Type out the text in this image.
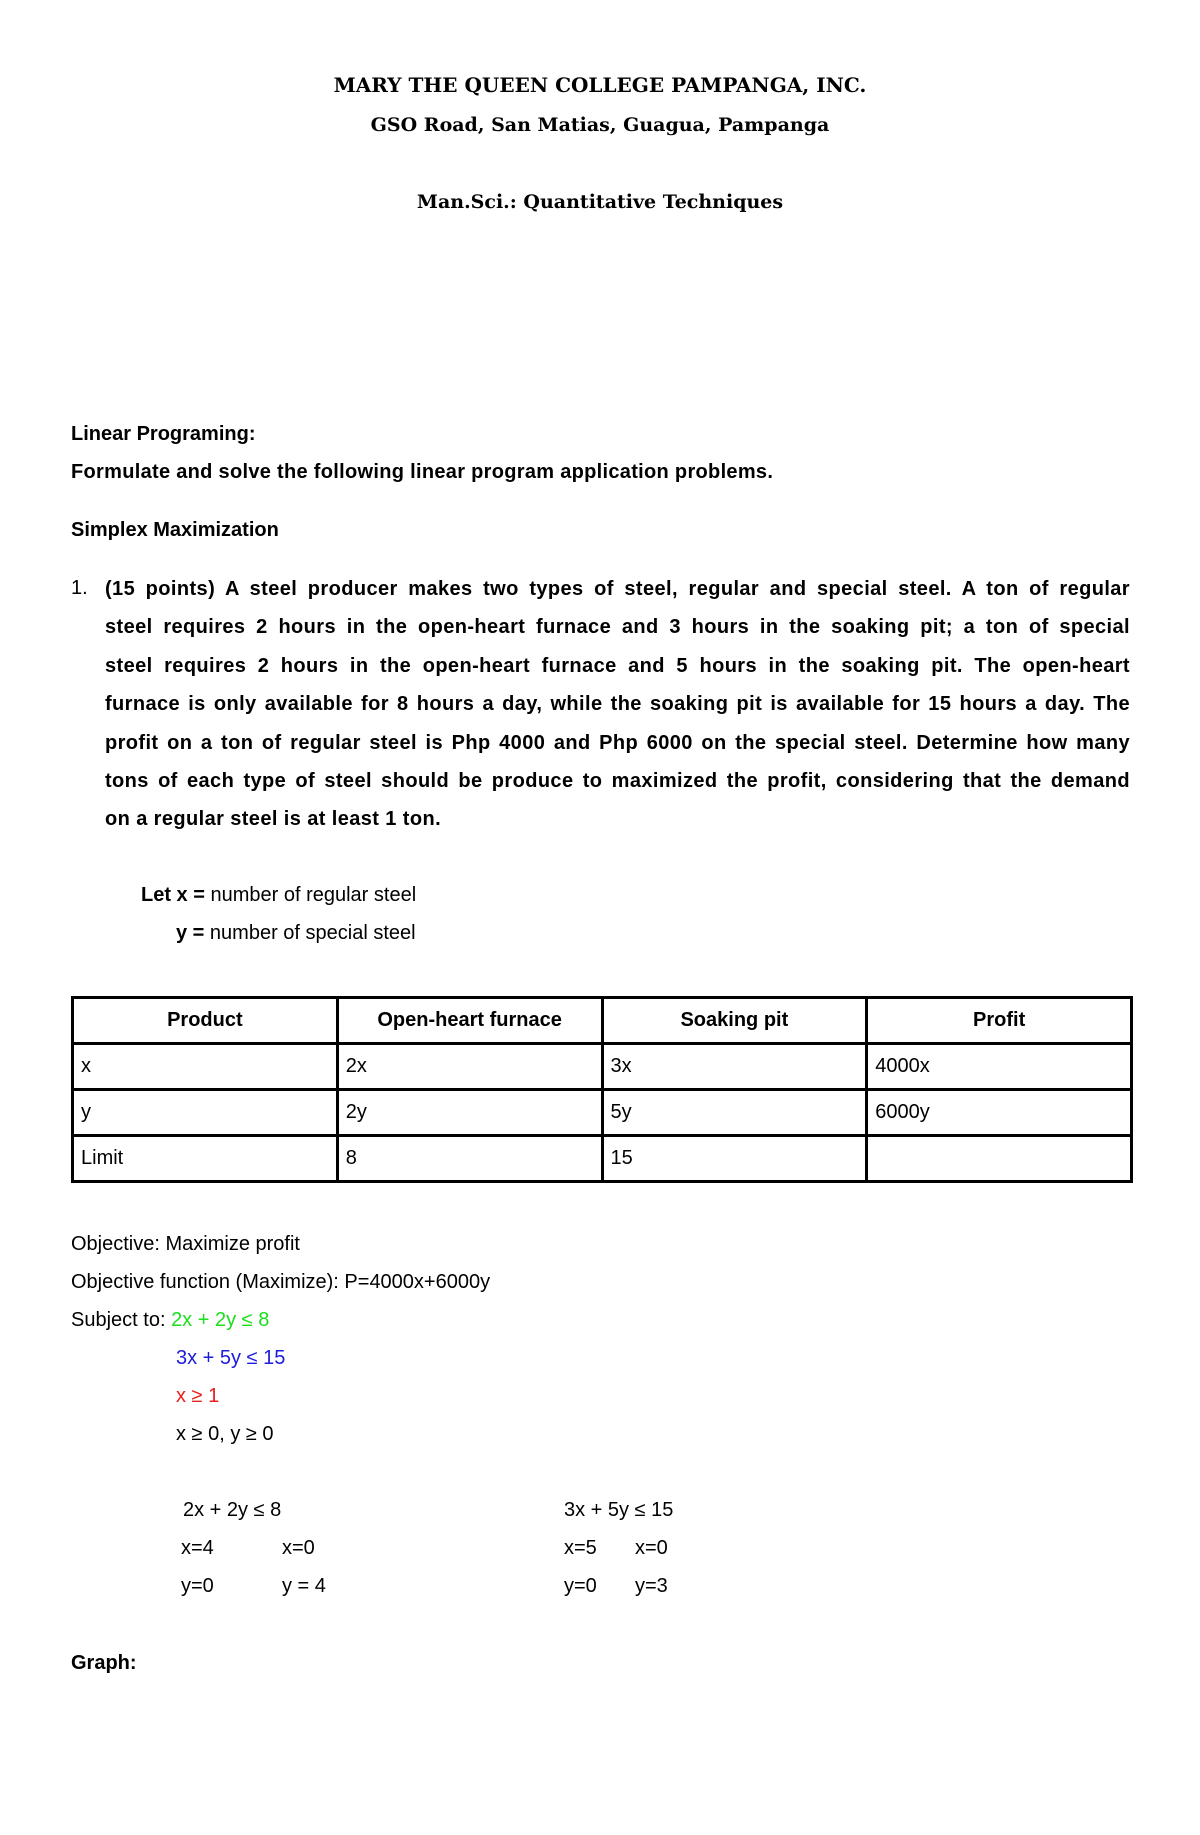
MARY THE QUEEN COLLEGE PAMPANGA, INC.
GSO Road, San Matias, Guagua, Pampanga
Man.Sci.: Quantitative Techniques
Linear Programing:
Formulate and solve the following linear program application problems.
Simplex Maximization
1. (15 points) A steel producer makes two types of steel, regular and special steel. A ton of regular
steel requires 2 hours in the open-heart furnace and 3 hours in the soaking pit; a ton of special
steel requires 2 hours in the open-heart furnace and 5 hours in the soaking pit. The open-heart
furnace is only available for 8 hours a day, while the soaking pit is available for 15 hours a day. The
profit on a ton of regular steel is Php 4000 and Php 6000 on the special steel. Determine how many
tons of each type of steel should be produce to maximized the profit, considering that the demand
on a regular steel is at least 1 ton.
Let x = number of regular steel
y = number of special steel
Product	Open-heart furnace	Soaking pit	Profit
x	2x	3x	4000x
y	2y	5y	6000y
Limit	8	15	
Objective: Maximize profit
Objective function (Maximize): P=4000x+6000y
Subject to: 2x + 2y ≤ 8
3x + 5y ≤ 15
x ≥ 1
x ≥ 0, y ≥ 0
2x + 2y ≤ 8
x=4	x=0
y=0	y = 4
3x + 5y ≤ 15
x=5 x=0
y=0 y=3
Graph:
